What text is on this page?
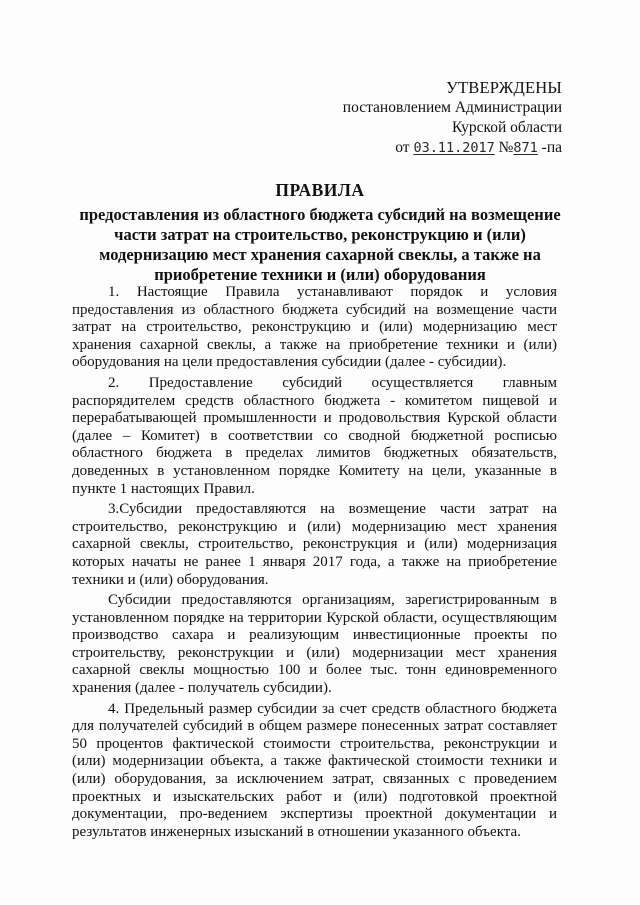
УТВЕРЖДЕНЫ
постановлением Администрации
Курской области
от 03.11.2017 №871 -па
ПРАВИЛА
предоставления из областного бюджета субсидий на возмещение части затрат на строительство, реконструкцию и (или) модернизацию мест хранения сахарной свеклы, а также на приобретение техники и (или) оборудования

1. Настоящие Правила устанавливают порядок и условия предоставления из областного бюджета субсидий на возмещение части затрат на строительство, реконструкцию и (или) модернизацию мест хранения сахарной свеклы, а также на приобретение техники и (или) оборудования на цели предоставления субсидии (далее - субсидии).

2. Предоставление субсидий осуществляется главным распорядителем средств областного бюджета - комитетом пищевой и перерабатывающей промышленности и продовольствия Курской области (далее – Комитет) в соответствии со сводной бюджетной росписью областного бюджета в пределах лимитов бюджетных обязательств, доведенных в установленном порядке Комитету на цели, указанные в пункте 1 настоящих Правил.

3.Субсидии предоставляются на возмещение части затрат на строительство, реконструкцию и (или) модернизацию мест хранения сахарной свеклы, строительство, реконструкция и (или) модернизация которых начаты не ранее 1 января 2017 года, а также на приобретение техники и (или) оборудования.

Субсидии предоставляются организациям, зарегистрированным в установленном порядке на территории Курской области, осуществляющим производство сахара и реализующим инвестиционные проекты по строительству, реконструкции и (или) модернизации мест хранения сахарной свеклы мощностью 100 и более тыс. тонн единовременного хранения (далее - получатель субсидии).

4. Предельный размер субсидии за счет средств областного бюджета для получателей субсидий в общем размере понесенных затрат составляет 50 процентов фактической стоимости строительства, реконструкции и (или) модернизации объекта, а также фактической стоимости техники и (или) оборудования, за исключением затрат, связанных с проведением проектных и изыскательских работ и (или) подготовкой проектной документации, про-ведением экспертизы проектной документации и результатов инженерных изысканий в отношении указанного объекта.
